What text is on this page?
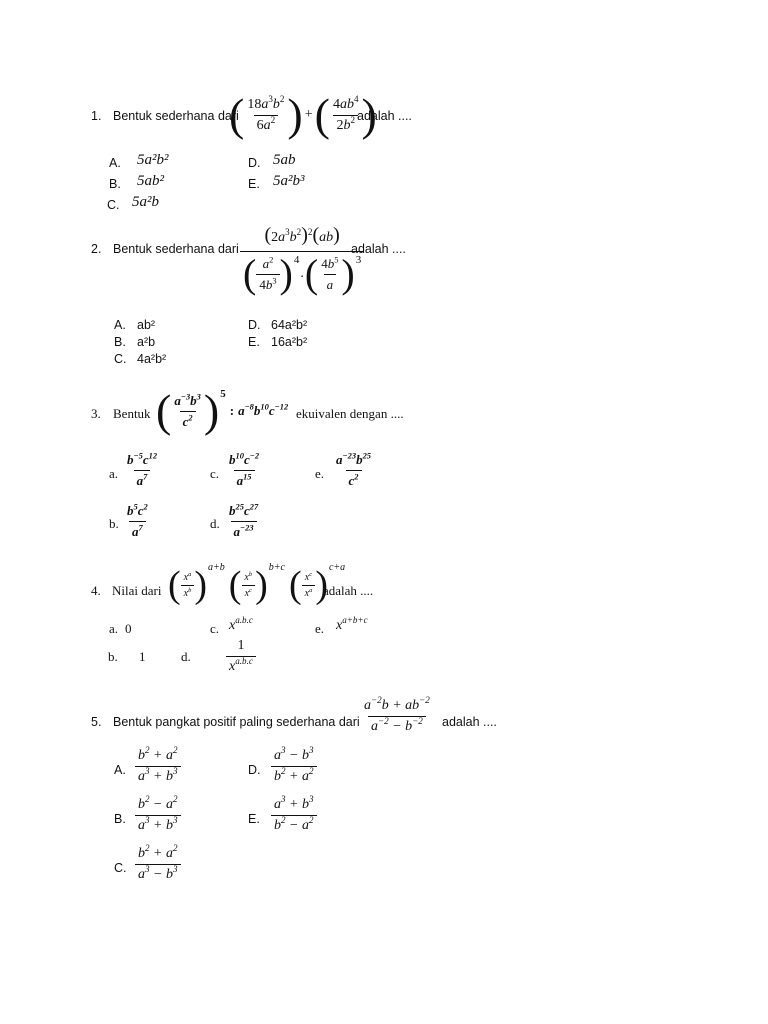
1. Bentuk sederhana dari
( $\frac{18a^3b^2}{6a^2}$ ) + ( $\frac{4ab^4}{2b^2}$ )
adalah ....
A. 5a²b²
B. 5ab²
C. 5a²b
D. 5ab
E. 5a²b³
2. Bentuk sederhana dari
$(2a^3b^2)^2(ab)$
( $\frac{a^2}{4b^3}$ ) 4
. ( $\frac{4b^5}{a}$ ) 3
adalah ....
A. ab²
B. a²b
C. 4a²b²
D. 64a²b²
E. 16a²b²
3. Bentuk ( $\frac{a^{-3}b^3}{c^2}$ ) 5
: $a^{-8}b^{10}c^{-12}$ ekuivalen dengan ....
a. $\frac{b^{-5}c^{12}}{a^7}$
b. $\frac{b^5c^2}{a^7}$
c. $\frac{b^{10}c^{-2}}{a^{15}}$
d. $\frac{b^{25}c^{27}}{a^{-23}}$
e. $\frac{a^{-23}b^{25}}{c^2}$
4. Nilai dari ( $\frac{x^a}{x^b}$ ) a+b ( $\frac{x^b}{x^c}$ ) b+c ( $\frac{x^c}{x^a}$ ) c+a
adalah ....
a. 0
b. 1
c. $x^{a.b.c}$
d.	$\frac{1}{x^{a.b.c}}$
e. $x^{a+b+c}$
5. Bentuk pangkat positif paling sederhana dari $\frac{a^{-2}b + ab^{-2}}{a^{-2} - b^{-2}}$ adalah ....
A. $\frac{b^2 + a^2}{a^3 + b^3}$
B. $\frac{b^2 - a^2}{a^3 + b^3}$
C. $\frac{b^2 + a^2}{a^3 - b^3}$
D. $\frac{a^3 - b^3}{b^2 + a^2}$
E. $\frac{a^3 + b^3}{b^2 - a^2}$
